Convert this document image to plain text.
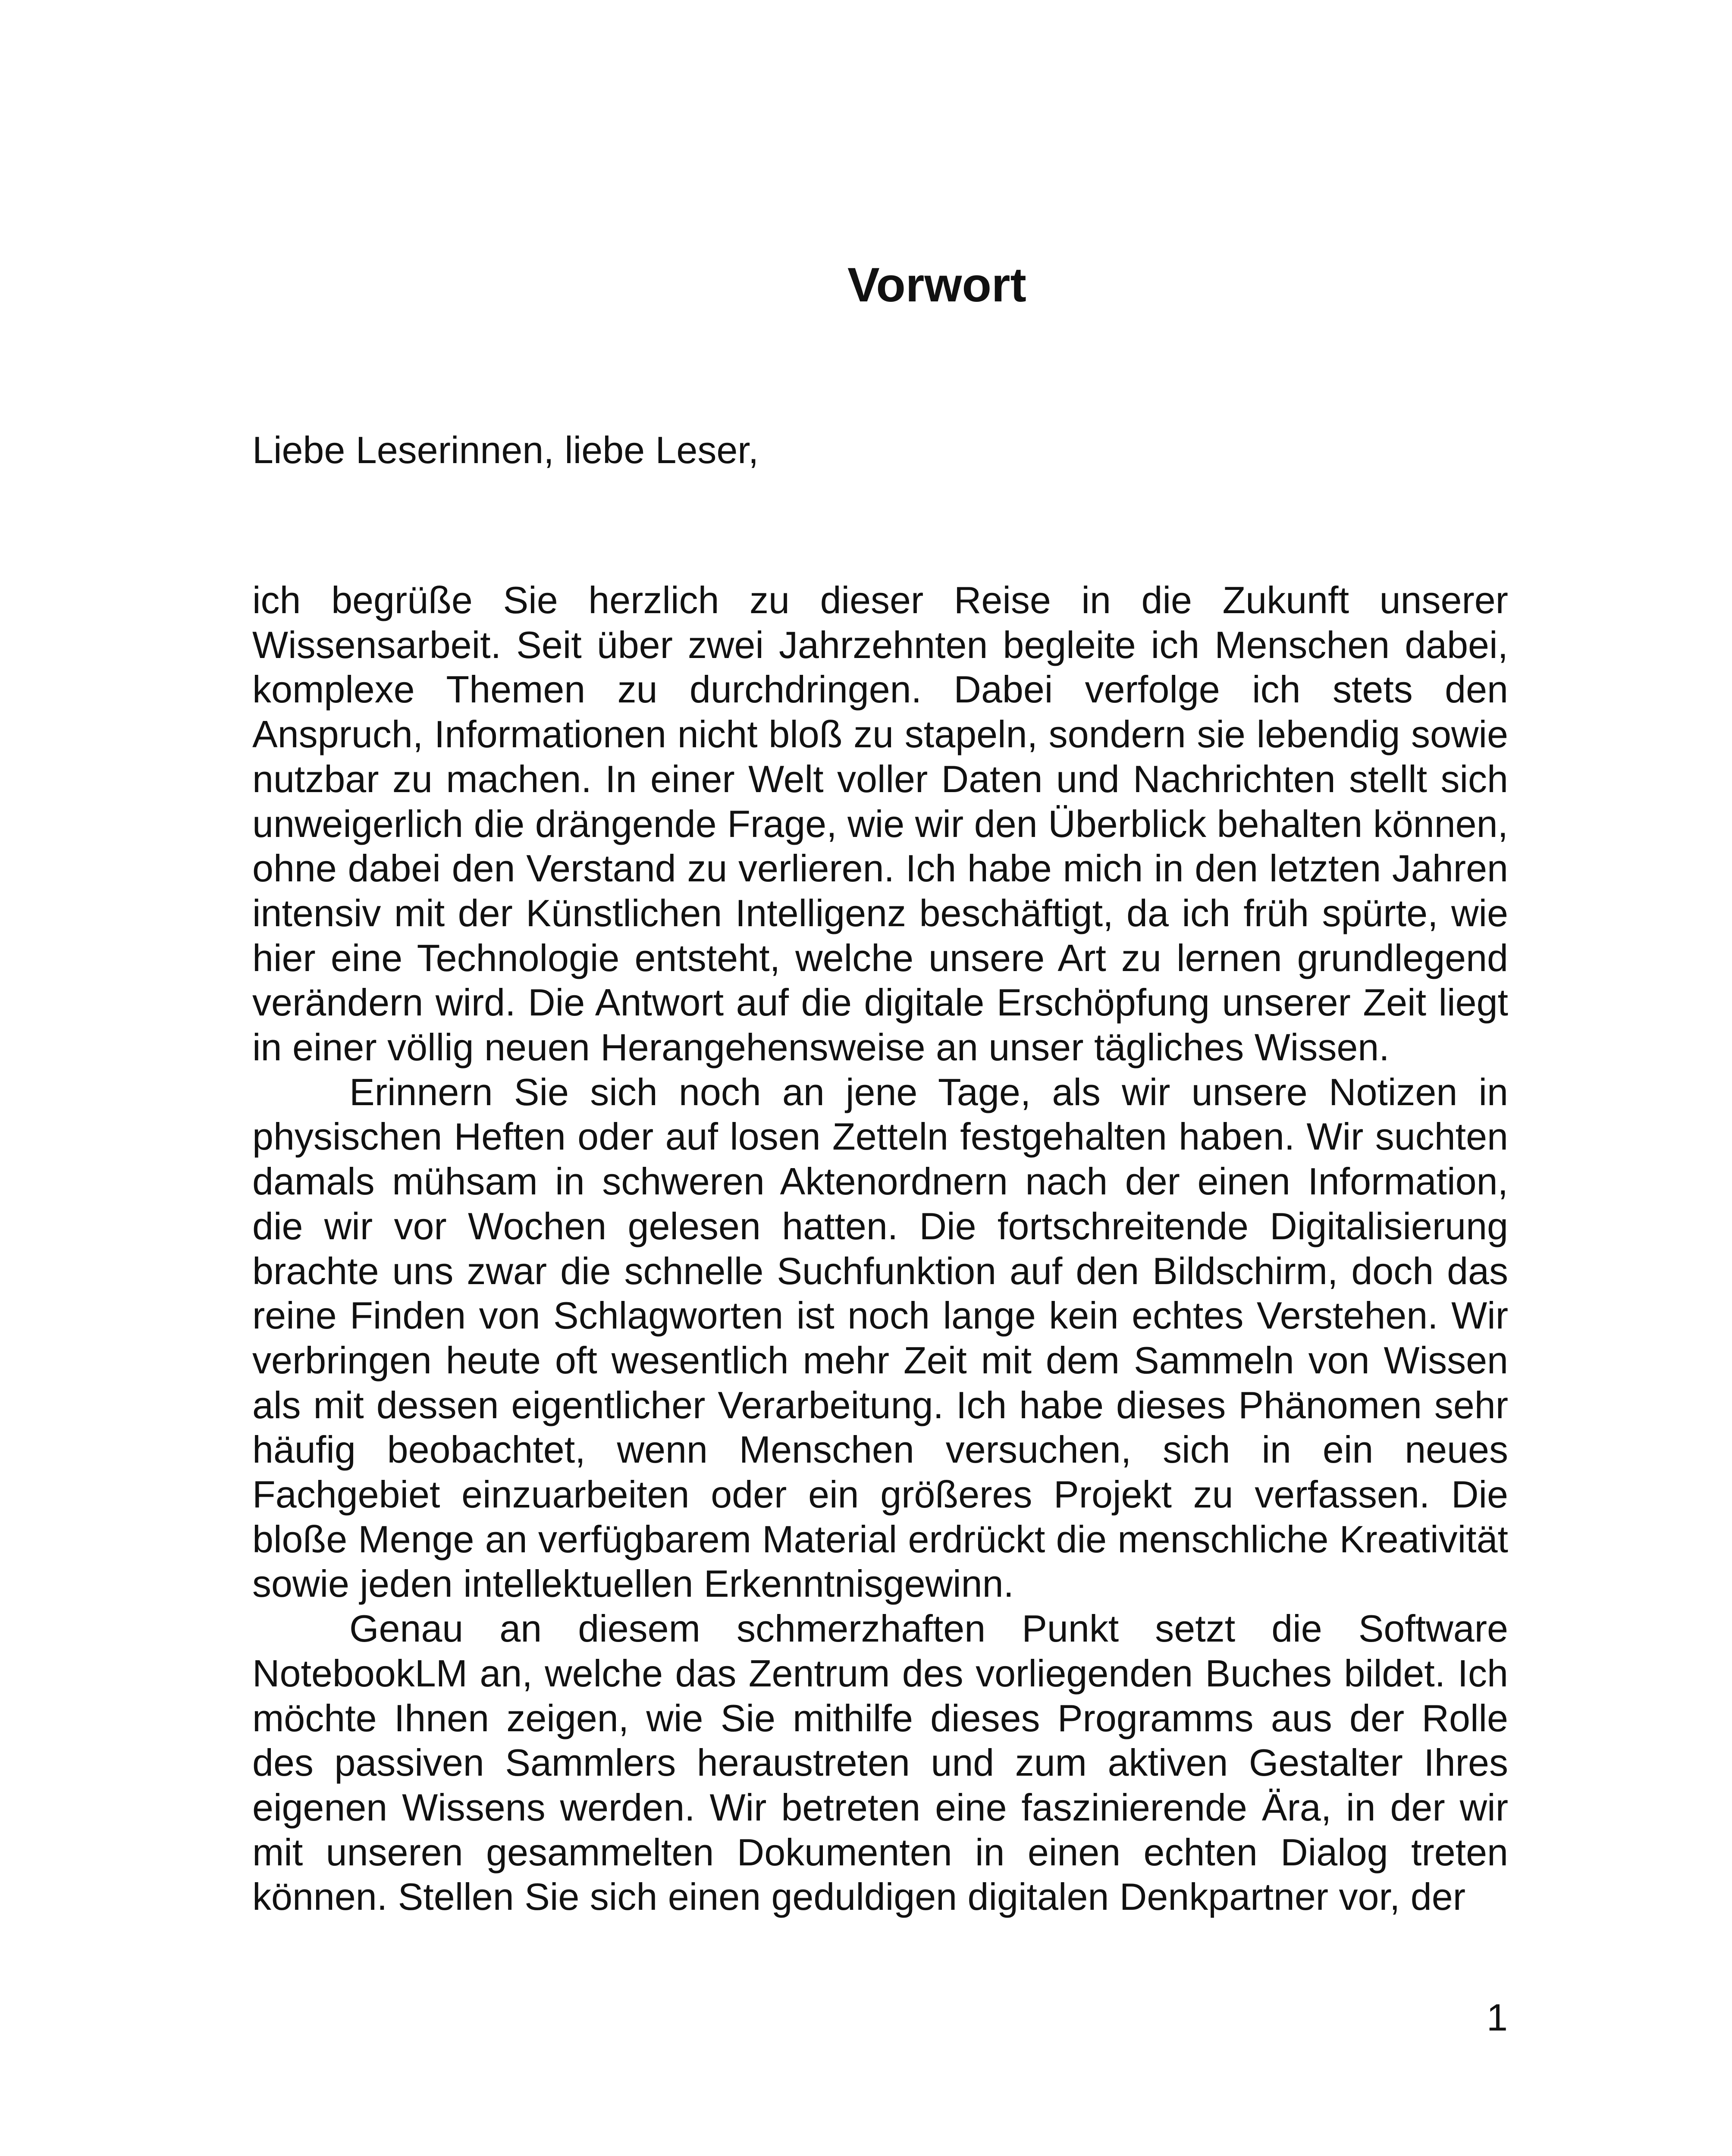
Vorwort

Liebe Leserinnen, liebe Leser,

ich begrüße Sie herzlich zu dieser Reise in die Zukunft unserer Wissensarbeit. Seit über zwei Jahrzehnten begleite ich Menschen dabei, komplexe Themen zu durchdringen. Dabei verfolge ich stets den Anspruch, Informationen nicht bloß zu stapeln, sondern sie lebendig sowie nutzbar zu machen. In einer Welt voller Daten und Nachrichten stellt sich unweigerlich die drängende Frage, wie wir den Überblick behalten können, ohne dabei den Verstand zu verlieren. Ich habe mich in den letzten Jahren intensiv mit der Künstlichen Intelligenz beschäftigt, da ich früh spürte, wie hier eine Technologie entsteht, welche unsere Art zu lernen grundlegend verändern wird. Die Antwort auf die digitale Erschöpfung unserer Zeit liegt in einer völlig neuen Herangehensweise an unser tägliches Wissen.

Erinnern Sie sich noch an jene Tage, als wir unsere Notizen in physischen Heften oder auf losen Zetteln festgehalten haben. Wir suchten damals mühsam in schweren Aktenordnern nach der einen Information, die wir vor Wochen gelesen hatten. Die fortschreitende Digitalisierung brachte uns zwar die schnelle Suchfunktion auf den Bildschirm, doch das reine Finden von Schlagworten ist noch lange kein echtes Verstehen. Wir verbringen heute oft wesentlich mehr Zeit mit dem Sammeln von Wissen als mit dessen eigentlicher Verarbeitung. Ich habe dieses Phänomen sehr häufig beobachtet, wenn Menschen versuchen, sich in ein neues Fachgebiet einzuarbeiten oder ein größeres Projekt zu verfassen. Die bloße Menge an verfügbarem Material erdrückt die menschliche Kreativität sowie jeden intellektuellen Erkenntnisgewinn.

Genau an diesem schmerzhaften Punkt setzt die Software NotebookLM an, welche das Zentrum des vorliegenden Buches bildet. Ich möchte Ihnen zeigen, wie Sie mithilfe dieses Programms aus der Rolle des passiven Sammlers heraustreten und zum aktiven Gestalter Ihres eigenen Wissens werden. Wir betreten eine faszinierende Ära, in der wir mit unseren gesammelten Dokumenten in einen echten Dialog treten können. Stellen Sie sich einen geduldigen digitalen Denkpartner vor, der

1
